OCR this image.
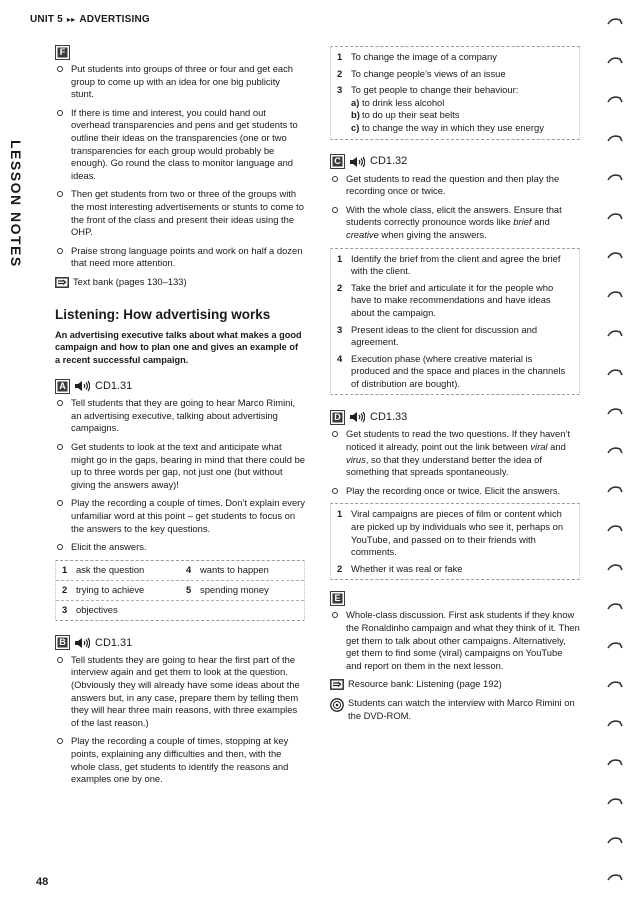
UNIT 5 ▸▸ ADVERTISING
LESSON NOTES
48
F
Put students into groups of three or four and get each group to come up with an idea for one big publicity stunt.
If there is time and interest, you could hand out overhead transparencies and pens and get students to outline their ideas on the transparencies (one or two transparencies for each group would probably be enough). Go round the class to monitor language and ideas.
Then get students from two or three of the groups with the most interesting advertisements or stunts to come to the front of the class and present their ideas using the OHP.
Praise strong language points and work on half a dozen that need more attention.
Text bank (pages 130–133)
Listening: How advertising works
An advertising executive talks about what makes a good campaign and how to plan one and gives an example of a recent successful campaign.
A	CD1.31
Tell students that they are going to hear Marco Rimini, an advertising executive, talking about advertising campaigns.
Get students to look at the text and anticipate what might go in the gaps, bearing in mind that there could be up to three words per gap, not just one (but without giving the answers away)!
Play the recording a couple of times. Don’t explain every unfamiliar word at this point – get students to focus on the answers to the key questions.
Elicit the answers.
1 ask the question	4 wants to happen
2 trying to achieve	5 spending money
3 objectives
B	CD1.31
Tell students they are going to hear the first part of the interview again and get them to look at the question. (Obviously they will already have some ideas about the answers but, in any case, prepare them by telling them they will hear three main reasons, with three examples of the last reason.)
Play the recording a couple of times, stopping at key points, explaining any difficulties and then, with the whole class, get students to identify the reasons and examples one by one.
1 To change the image of a company
2 To change people’s views of an issue
3 To get people to change their behaviour:
a) to drink less alcohol
b) to do up their seat belts
c) to change the way in which they use energy
C	CD1.32
Get students to read the question and then play the recording once or twice.
With the whole class, elicit the answers. Ensure that students correctly pronounce words like brief and creative when giving the answers.
1 Identify the brief from the client and agree the brief with the client.
2 Take the brief and articulate it for the people who have to make recommendations and have ideas about the campaign.
3 Present ideas to the client for discussion and agreement.
4 Execution phase (where creative material is produced and the space and places in the channels of distribution are bought).
D	CD1.33
Get students to read the two questions. If they haven’t noticed it already, point out the link between viral and virus, so that they understand better the idea of something that spreads spontaneously.
Play the recording once or twice. Elicit the answers.
1 Viral campaigns are pieces of film or content which are picked up by individuals who see it, perhaps on YouTube, and passed on to their friends with comments.
2 Whether it was real or fake
E
Whole-class discussion. First ask students if they know the Ronaldinho campaign and what they think of it. Then get them to talk about other campaigns. Alternatively, get them to find some (viral) campaigns on YouTube and report on them in the next lesson.
Resource bank: Listening (page 192)
Students can watch the interview with Marco Rimini on the DVD-ROM.
